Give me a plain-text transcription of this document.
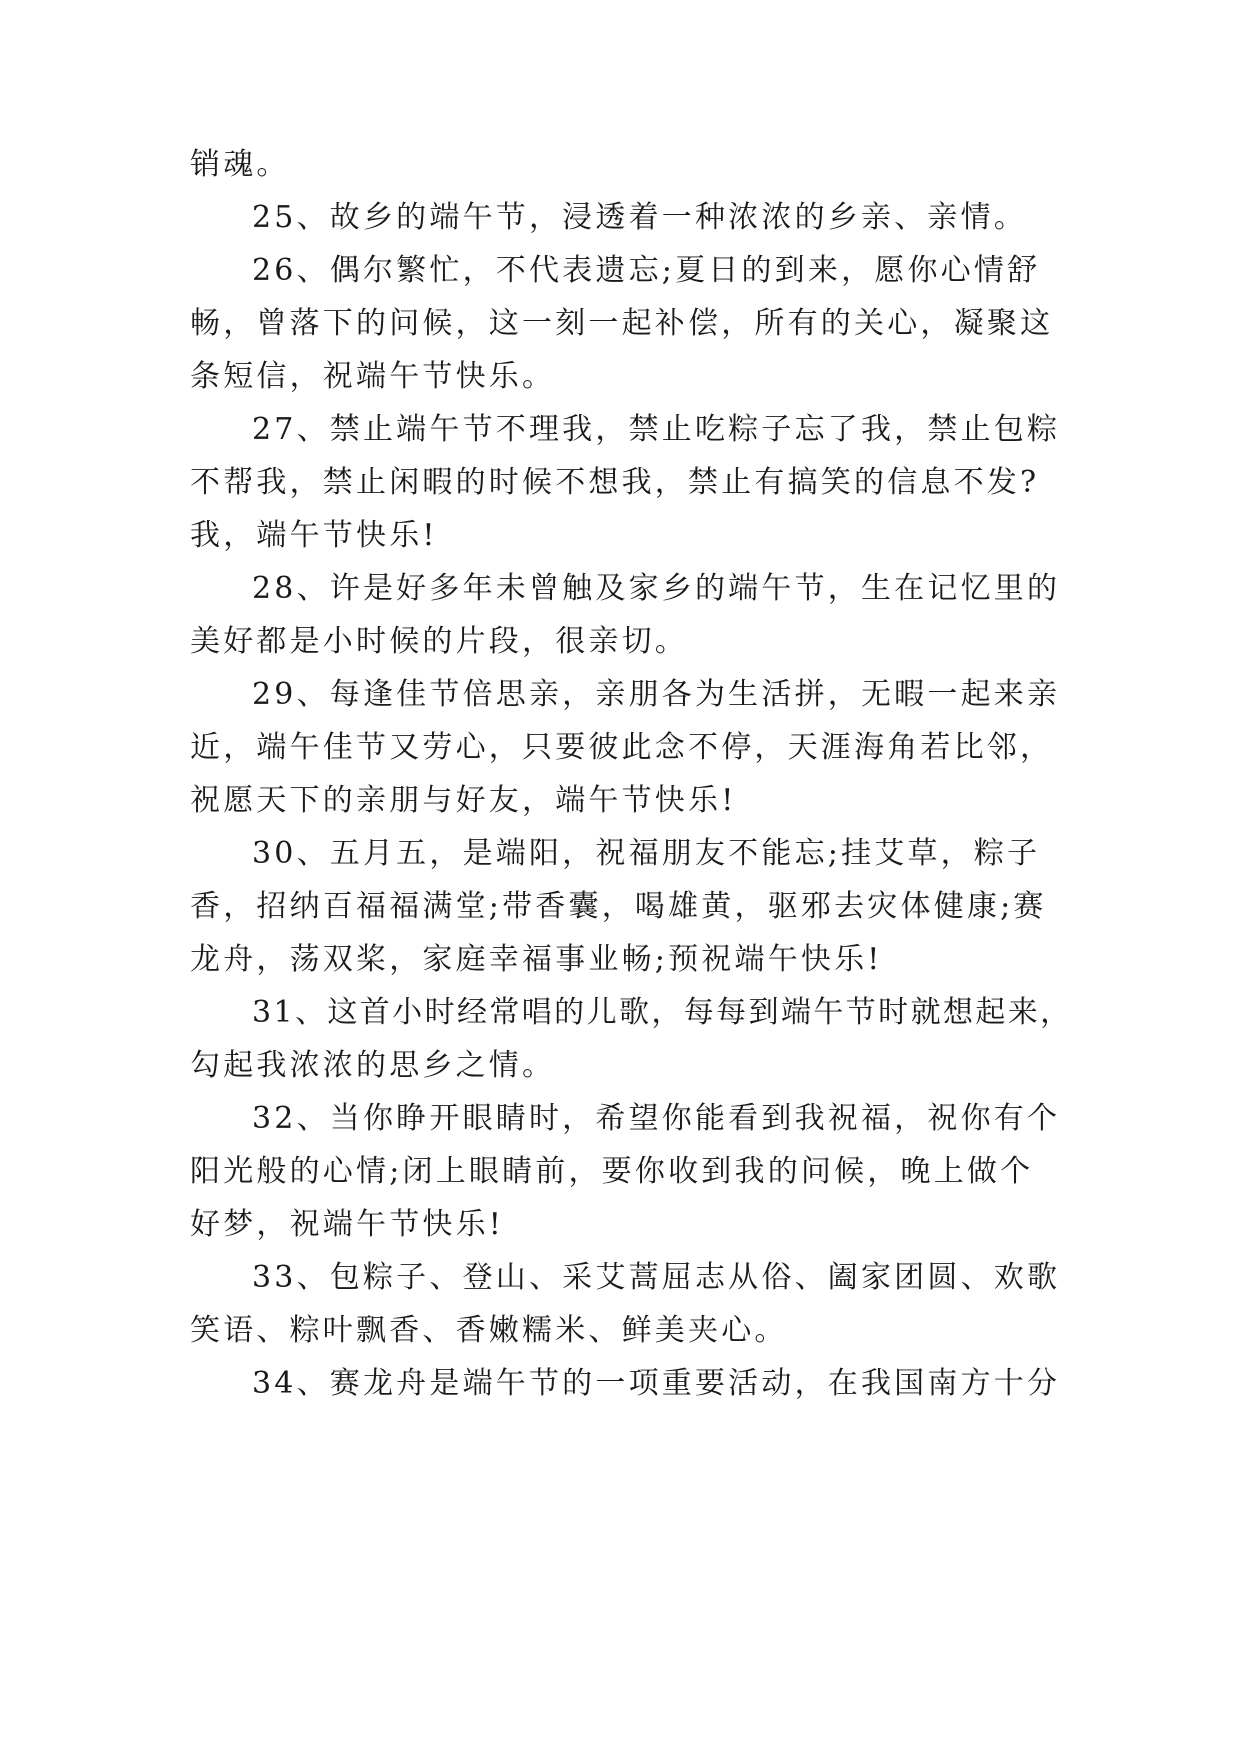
销魂。
25、故乡的端午节，浸透着一种浓浓的乡亲、亲情。
26、偶尔繁忙，不代表遗忘;夏日的到来，愿你心情舒
畅，曾落下的问候，这一刻一起补偿，所有的关心，凝聚这
条短信，祝端午节快乐。
27、禁止端午节不理我，禁止吃粽子忘了我，禁止包粽
不帮我，禁止闲暇的时候不想我，禁止有搞笑的信息不发?
我，端午节快乐!
28、许是好多年未曾触及家乡的端午节，生在记忆里的
美好都是小时候的片段，很亲切。
29、每逢佳节倍思亲，亲朋各为生活拼，无暇一起来亲
近，端午佳节又劳心，只要彼此念不停，天涯海角若比邻，
祝愿天下的亲朋与好友，端午节快乐!
30、五月五，是端阳，祝福朋友不能忘;挂艾草，粽子
香，招纳百福福满堂;带香囊，喝雄黄，驱邪去灾体健康;赛
龙舟，荡双桨，家庭幸福事业畅;预祝端午快乐!
31、这首小时经常唱的儿歌，每每到端午节时就想起来，
勾起我浓浓的思乡之情。
32、当你睁开眼睛时，希望你能看到我祝福，祝你有个
阳光般的心情;闭上眼睛前，要你收到我的问候，晚上做个
好梦，祝端午节快乐!
33、包粽子、登山、采艾蒿屈志从俗、阖家团圆、欢歌
笑语、粽叶飘香、香嫩糯米、鲜美夹心。
34、赛龙舟是端午节的一项重要活动，在我国南方十分
